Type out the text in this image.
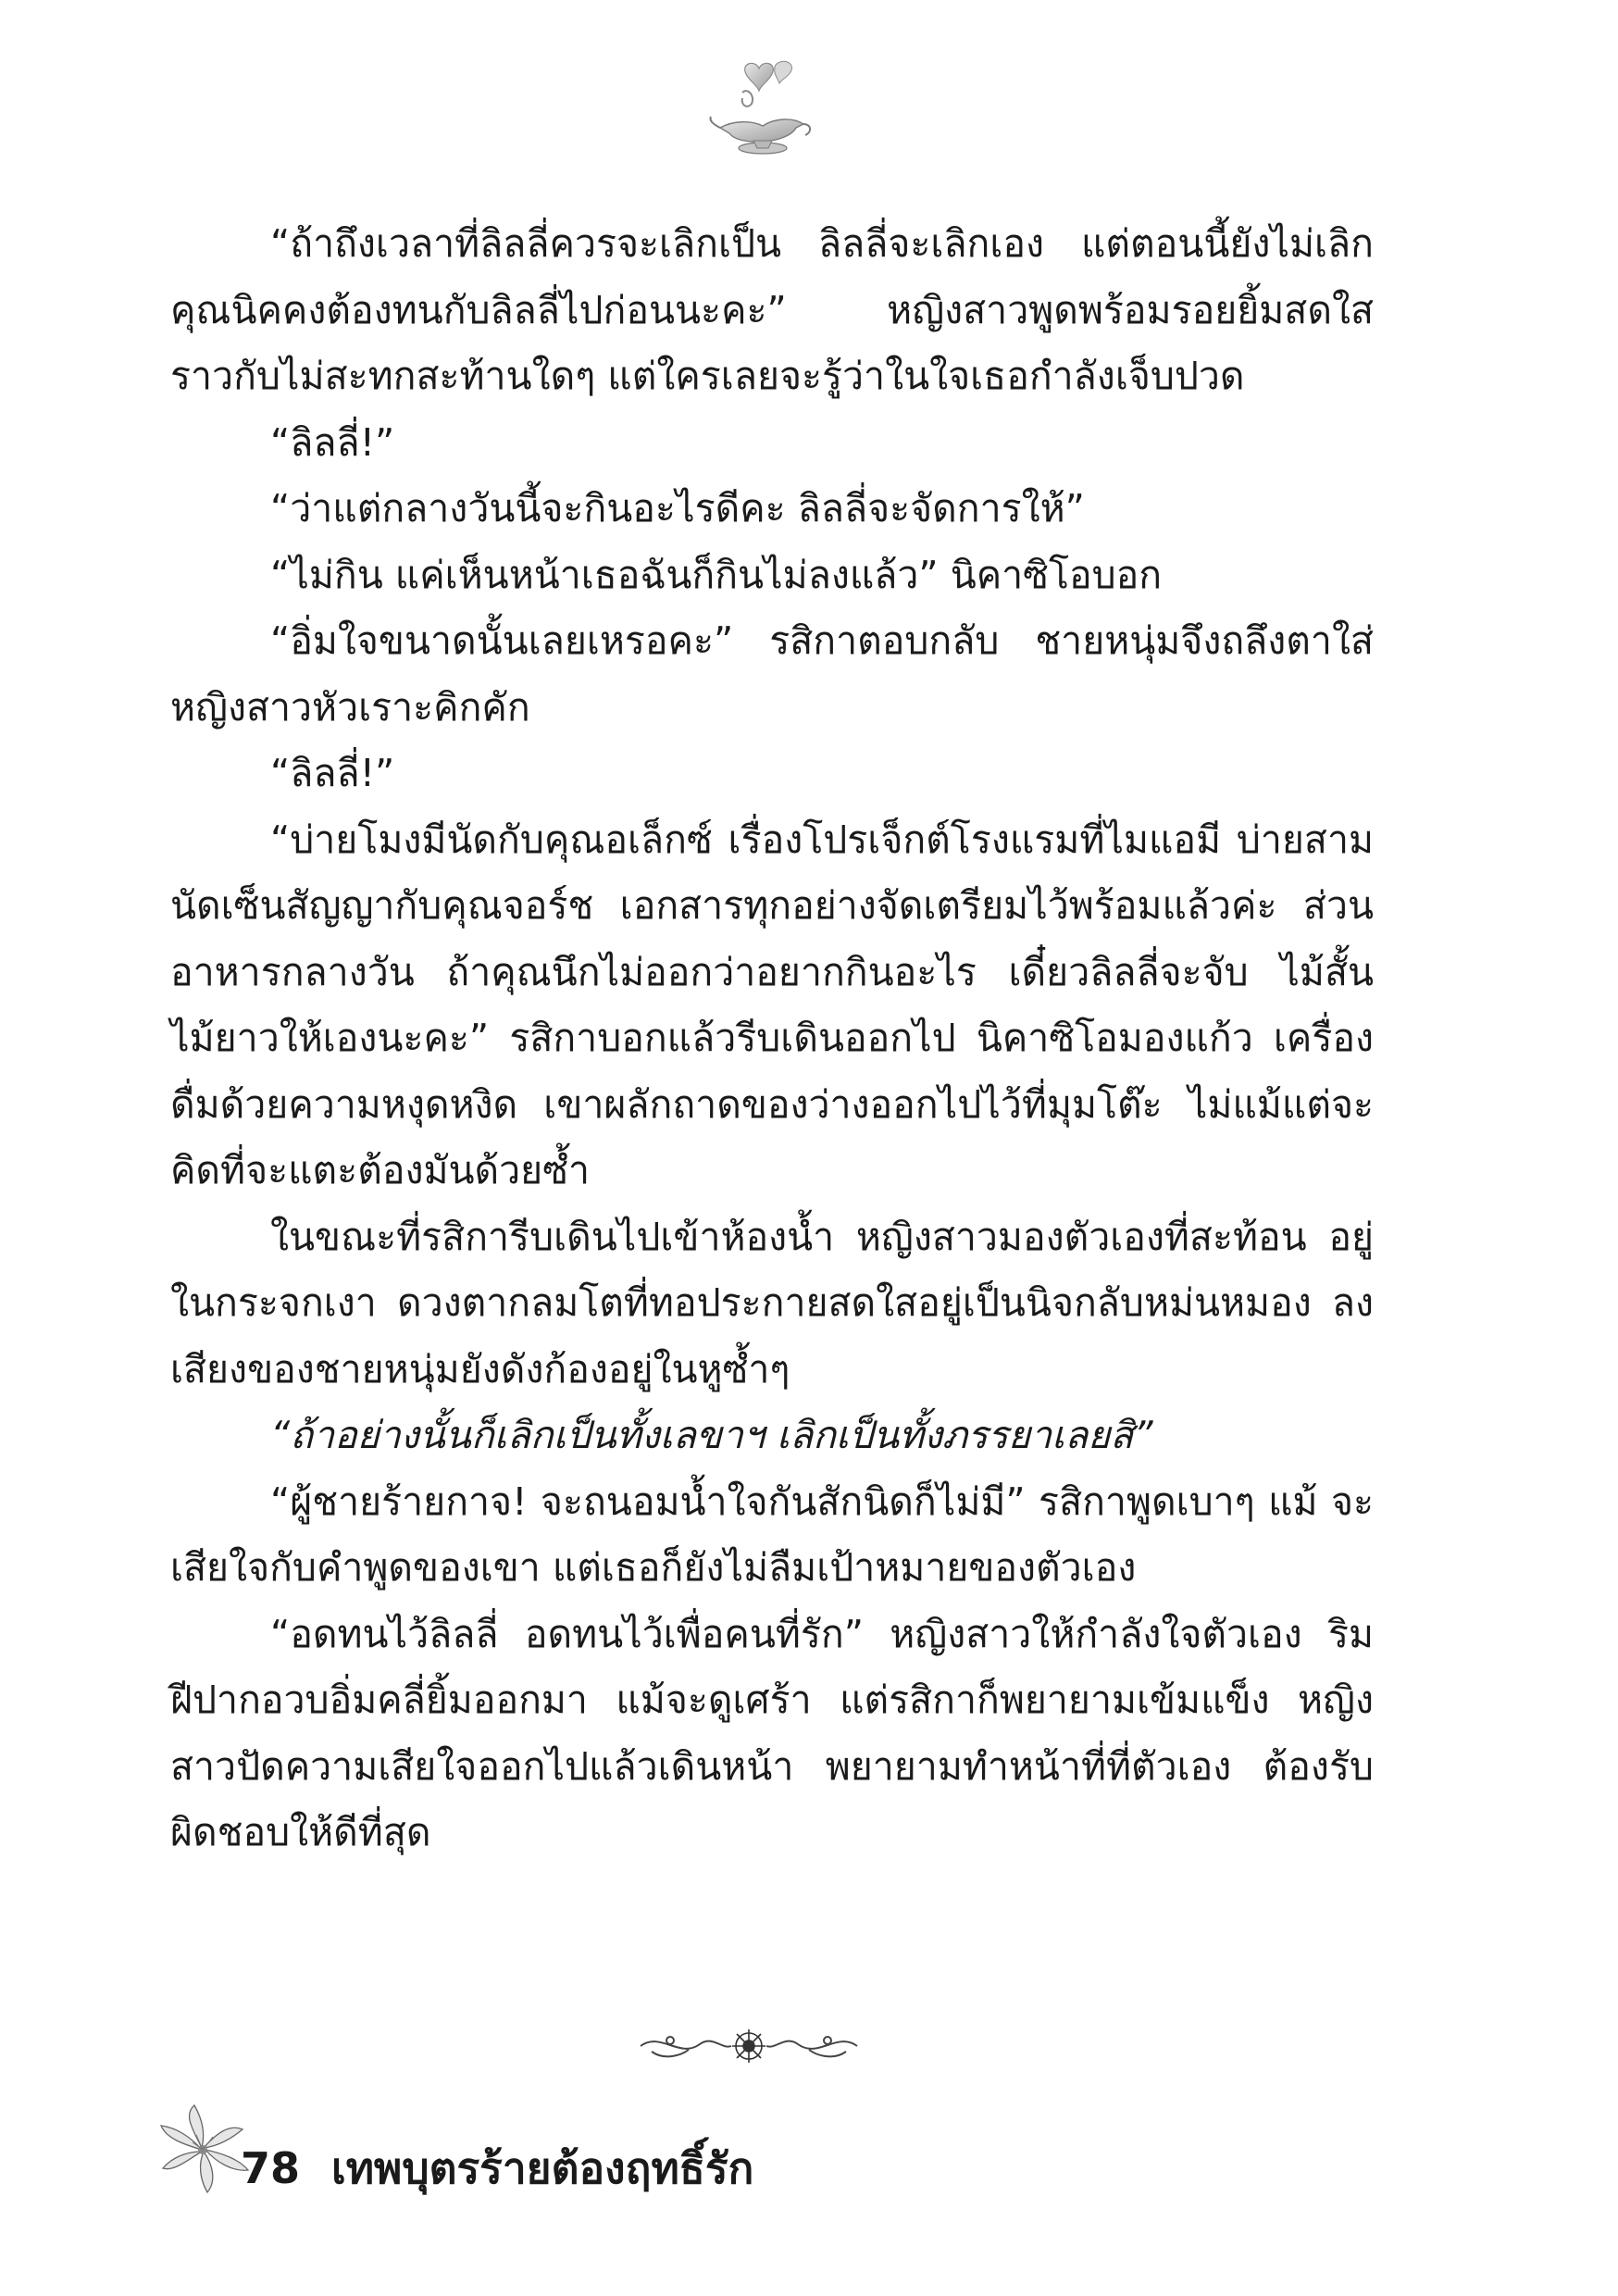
“ถ้าถึงเวลาที่ลิลลี่ควรจะเลิกเป็น ลิลลี่จะเลิกเอง แต่ตอนนี้ยังไม่เลิก คุณนิคคงต้องทนกับลิลลี่ไปก่อนนะคะ” หญิงสาวพูดพร้อมรอยยิ้มสดใส ราวกับไม่สะทกสะท้านใดๆ แต่ใครเลยจะรู้ว่าในใจเธอกำลังเจ็บปวด

“ลิลลี่!”

“ว่าแต่กลางวันนี้จะกินอะไรดีคะ ลิลลี่จะจัดการให้”

“ไม่กิน แค่เห็นหน้าเธอฉันก็กินไม่ลงแล้ว” นิคาซิโอบอก

“อิ่มใจขนาดนั้นเลยเหรอคะ” รสิกาตอบกลับ ชายหนุ่มจึงถลึงตาใส่ หญิงสาวหัวเราะคิกคัก

“ลิลลี่!”

“บ่ายโมงมีนัดกับคุณอเล็กซ์ เรื่องโปรเจ็กต์โรงแรมที่ไมแอมี บ่ายสาม นัดเซ็นสัญญากับคุณจอร์ช เอกสารทุกอย่างจัดเตรียมไว้พร้อมแล้วค่ะ ส่วนอาหารกลางวัน ถ้าคุณนึกไม่ออกว่าอยากกินอะไร เดี๋ยวลิลลี่จะจับ ไม้สั้นไม้ยาวให้เองนะคะ” รสิกาบอกแล้วรีบเดินออกไป นิคาซิโอมองแก้ว เครื่องดื่มด้วยความหงุดหงิด เขาผลักถาดของว่างออกไปไว้ที่มุมโต๊ะ ไม่แม้แต่จะคิดที่จะแตะต้องมันด้วยซ้ำ

ในขณะที่รสิการีบเดินไปเข้าห้องน้ำ หญิงสาวมองตัวเองที่สะท้อน อยู่ในกระจกเงา ดวงตากลมโตที่ทอประกายสดใสอยู่เป็นนิจกลับหม่นหมอง ลง เสียงของชายหนุ่มยังดังก้องอยู่ในหูซ้ำๆ

“ถ้าอย่างนั้นก็เลิกเป็นทั้งเลขาฯ เลิกเป็นทั้งภรรยาเลยสิ”

“ผู้ชายร้ายกาจ! จะถนอมน้ำใจกันสักนิดก็ไม่มี” รสิกาพูดเบาๆ แม้ จะเสียใจกับคำพูดของเขา แต่เธอก็ยังไม่ลืมเป้าหมายของตัวเอง

“อดทนไว้ลิลลี่ อดทนไว้เพื่อคนที่รัก” หญิงสาวให้กำลังใจตัวเอง ริมฝีปากอวบอิ่มคลี่ยิ้มออกมา แม้จะดูเศร้า แต่รสิกาก็พยายามเข้มแข็ง หญิงสาวปัดความเสียใจออกไปแล้วเดินหน้า พยายามทำหน้าที่ที่ตัวเอง ต้องรับผิดชอบให้ดีที่สุด

78 เทพบุตรร้ายต้องฤทธิ์รัก
